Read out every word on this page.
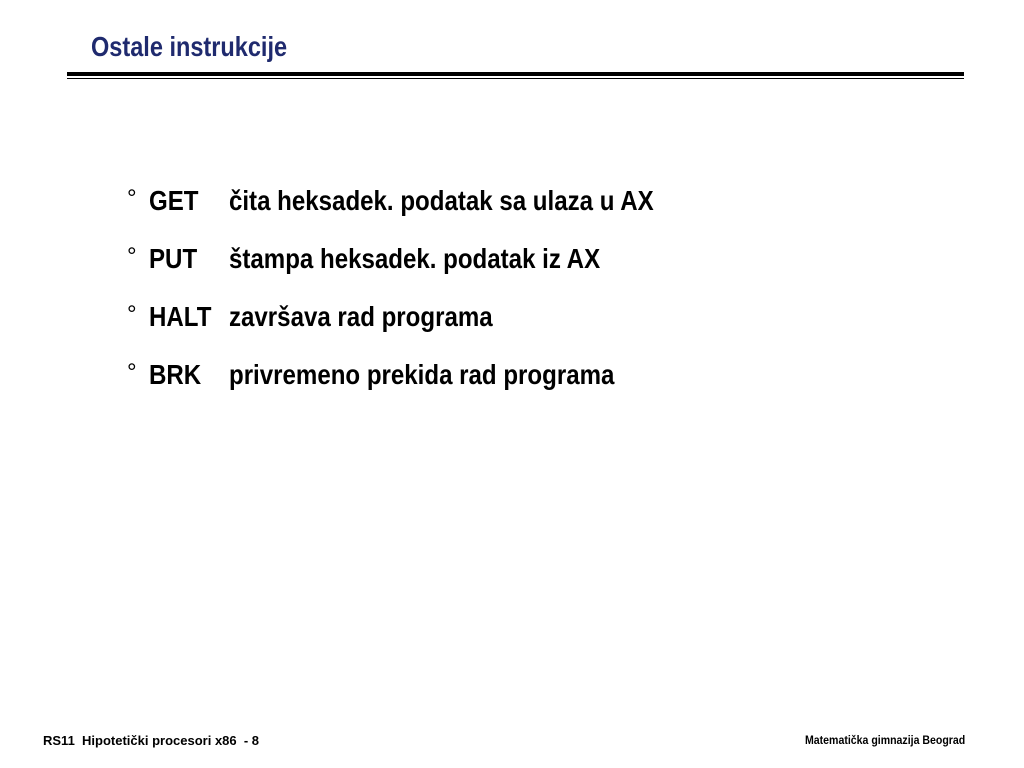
Ostale instrukcije
° GET	čita heksadek. podatak sa ulaza u AX
° PUT	štampa heksadek. podatak iz AX
° HALT završava rad programa
° BRK privremeno prekida rad programa
RS11  Hipotetički procesori x86  - 8	Matematička gimnazija Beograd
